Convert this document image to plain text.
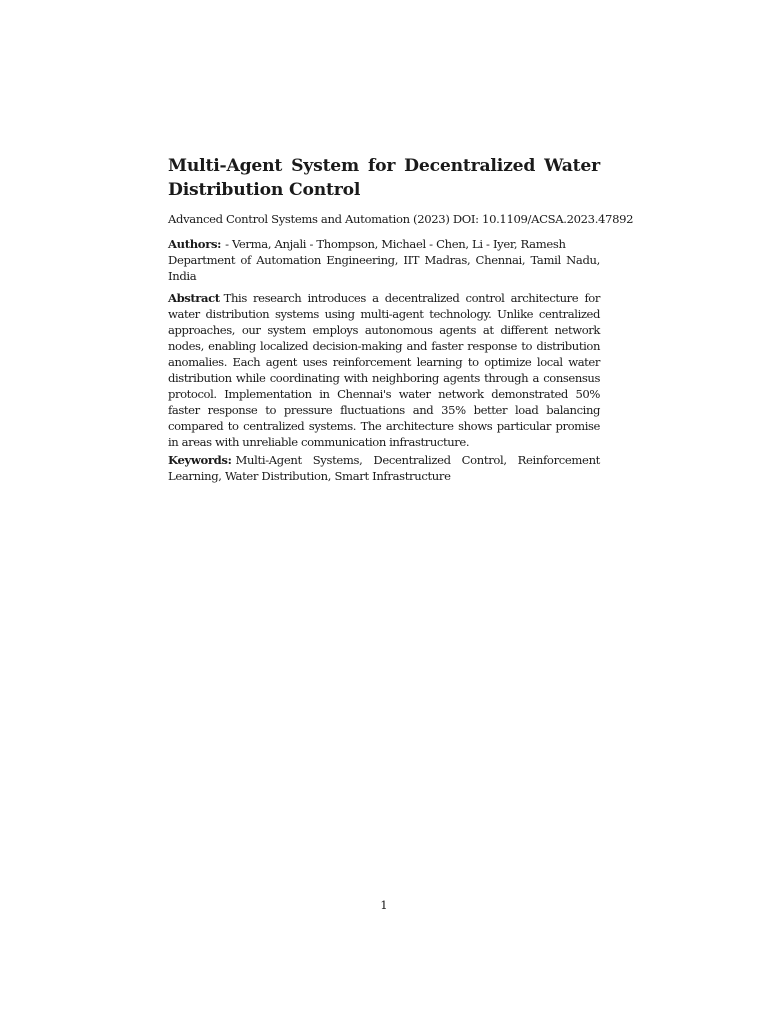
Multi-Agent System for Decentralized Water Distribution Control

Advanced Control Systems and Automation (2023) DOI: 10.1109/ACSA.2023.47892

Authors: - Verma, Anjali - Thompson, Michael - Chen, Li - Iyer, Ramesh
Department of Automation Engineering, IIT Madras, Chennai, Tamil Nadu, India

Abstract This research introduces a decentralized control architecture for water distribution systems using multi-agent technology. Unlike centralized approaches, our system employs autonomous agents at different network nodes, enabling localized decision-making and faster response to distribution anomalies. Each agent uses reinforcement learning to optimize local water distribution while coordinating with neighboring agents through a consensus protocol. Implementation in Chennai's water network demonstrated 50% faster response to pressure fluctuations and 35% better load balancing compared to centralized systems. The architecture shows particular promise in areas with unreliable communication infrastructure.

Keywords: Multi-Agent Systems, Decentralized Control, Reinforcement Learning, Water Distribution, Smart Infrastructure

1
